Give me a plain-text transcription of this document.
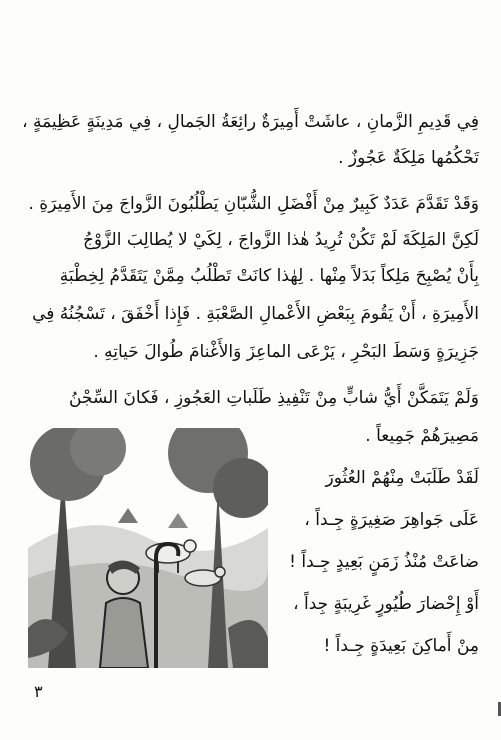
فِي قَدِيمِ الزَّمانِ ، عاشَتْ أَمِيرَةٌ رائِعَةُ الجَمالِ ، فِي مَدِينَةٍ عَظِيمَةٍ ،
تَحْكُمُها مَلِكَةٌ عَجُوزٌ .
وَقَدْ تَقَدَّمَ عَدَدٌ كَبِيرٌ مِنْ أَفْضَلِ الشُّبّانِ يَطْلُبُونَ الزَّواجَ مِنَ الأَمِيرَةِ .
لَكِنَّ المَلِكَةَ لَمْ تَكُنْ تُرِيدُ هٰذا الزَّواجَ ، لِكَيْ لا يُطالِبَ الزَّوْجُ
بِأَنْ يُصْبِحَ مَلِكاً بَدَلاً مِنْها . لِهٰذا كانَتْ تَطْلُبُ مِمَّنْ يَتَقَدَّمُ لِخِطْبَةِ
الأَمِيرَةِ ، أَنْ يَقُومَ بِبَعْضِ الأَعْمالِ الصَّعْبَةِ . فَإِذا أَخْفَقَ ، تَسْجُنُهُ فِي
جَزِيرَةٍ وَسَطَ البَحْرِ ، يَرْعَى الماعِزَ وَالأَغْنامَ طُوالَ حَياتِهِ .
وَلَمْ يَتَمَكَّنْ أَيُّ شابٍّ مِنْ تَنْفِيذِ طَلَباتِ العَجُوزِ ، فَكانَ السِّجْنُ
مَصِيرَهُمْ جَمِيعاً .
لَقَدْ طَلَبَتْ مِنْهُمْ العُثُورَ
عَلَى جَواهِرَ صَغِيرَةٍ جِـداً ،
ضاعَتْ مُنْذُ زَمَنٍ بَعِيدٍ جِـداً !
أَوْ إِحْضارَ طُيُورٍ غَرِيبَةٍ جِداً ،
مِنْ أَماكِنَ بَعِيدَةٍ جِـداً !
٣
